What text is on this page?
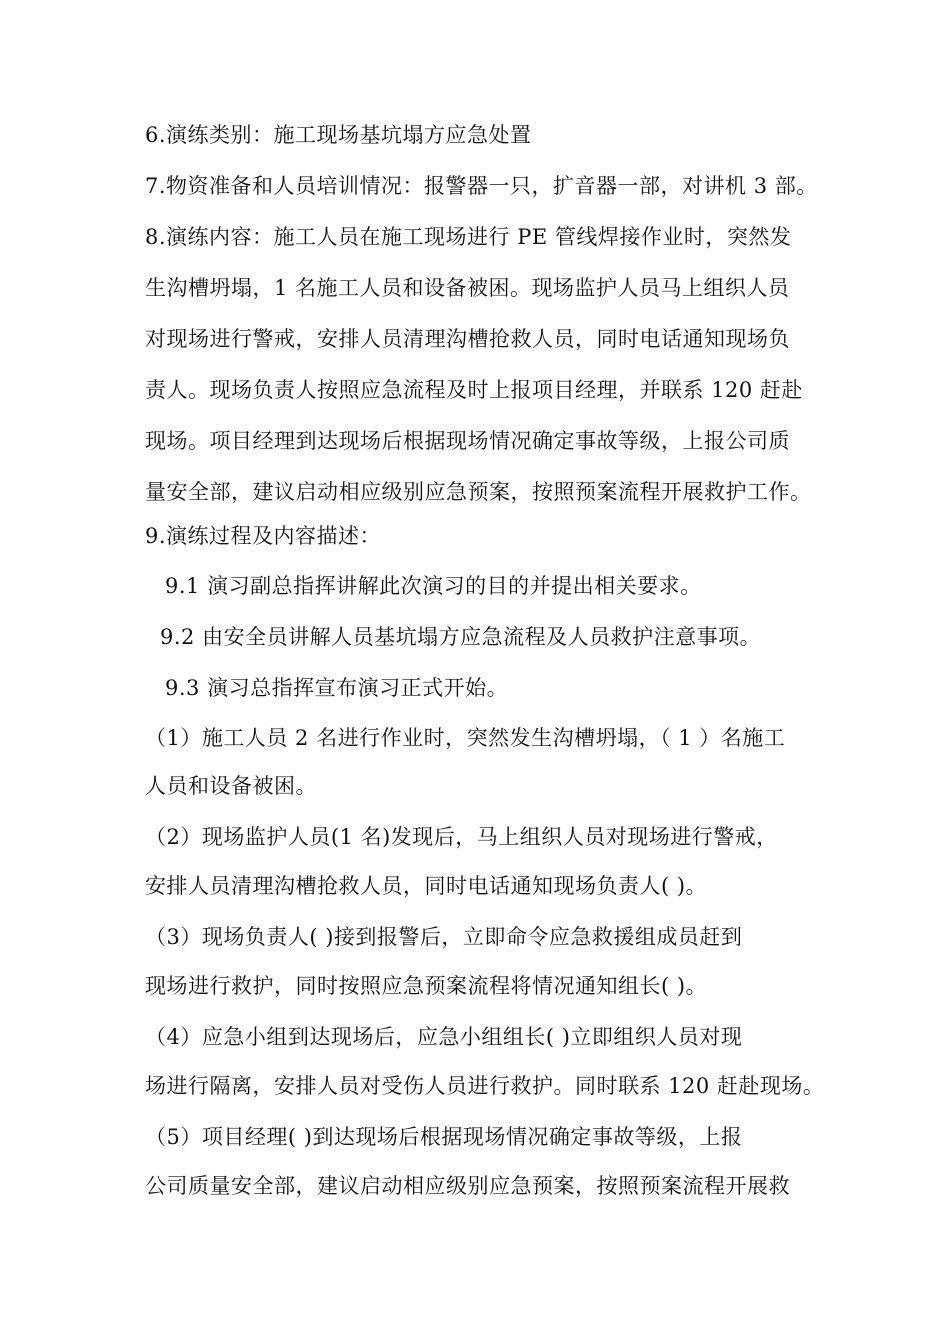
6.演练类别：施工现场基坑塌方应急处置
7.物资准备和人员培训情况：报警器一只，扩音器一部，对讲机 3 部。
8.演练内容：施工人员在施工现场进行 PE 管线焊接作业时，突然发
生沟槽坍塌，1 名施工人员和设备被困。现场监护人员马上组织人员
对现场进行警戒，安排人员清理沟槽抢救人员，同时电话通知现场负
责人。现场负责人按照应急流程及时上报项目经理，并联系 120 赶赴
现场。项目经理到达现场后根据现场情况确定事故等级，上报公司质
量安全部，建议启动相应级别应急预案，按照预案流程开展救护工作。
9.演练过程及内容描述：
9.1 演习副总指挥讲解此次演习的目的并提出相关要求。
9.2 由安全员讲解人员基坑塌方应急流程及人员救护注意事项。
9.3 演习总指挥宣布演习正式开始。
（1）施工人员 2 名进行作业时，突然发生沟槽坍塌，（ 1 ）名施工
人员和设备被困。
（2）现场监护人员(1 名)发现后，马上组织人员对现场进行警戒，
安排人员清理沟槽抢救人员，同时电话通知现场负责人( )。
（3）现场负责人( )接到报警后，立即命令应急救援组成员赶到
现场进行救护，同时按照应急预案流程将情况通知组长( )。
（4）应急小组到达现场后，应急小组组长( )立即组织人员对现
场进行隔离，安排人员对受伤人员进行救护。同时联系 120 赶赴现场。
（5）项目经理( )到达现场后根据现场情况确定事故等级，上报
公司质量安全部，建议启动相应级别应急预案，按照预案流程开展救
